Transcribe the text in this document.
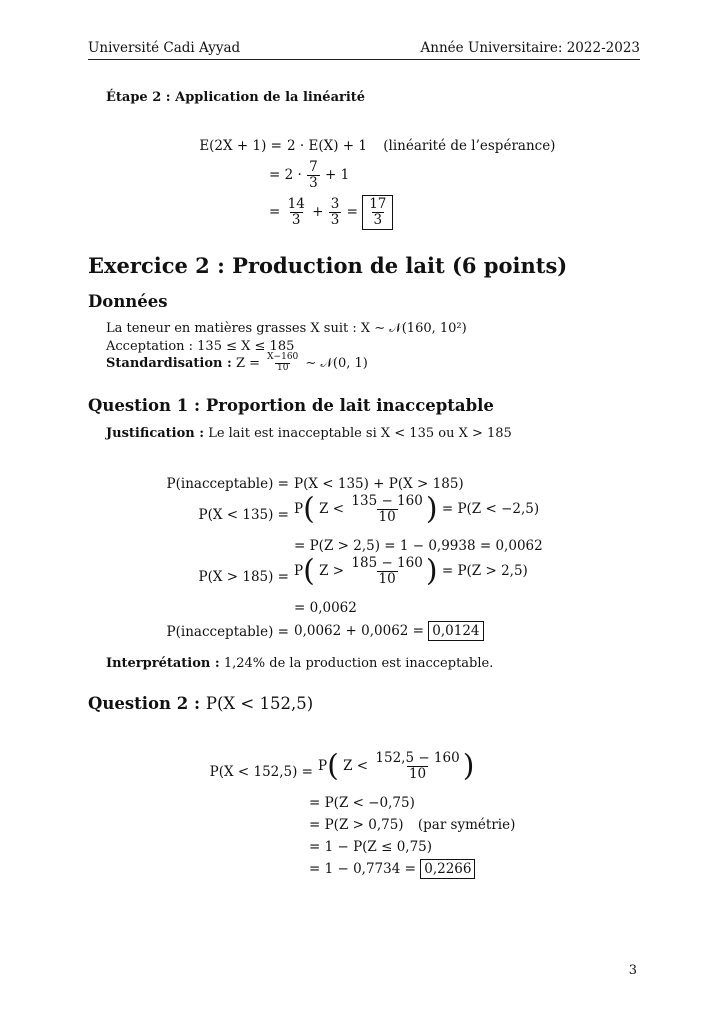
Université Cadi Ayyad	Année Universitaire: 2022-2023
Étape 2 : Application de la linéarité
E(2X + 1) = 2 · E(X) + 1 (linéarité de l’espérance)
= $2 \cdot \frac{7}{3} + 1$
= $\frac{14}{3} + \frac{3}{3} = \frac{17}{3}$
Exercice 2 : Production de lait (6 points)
Données
La teneur en matières grasses X suit : X ∼ 𝒩(160, 10²)
Acceptation : 135 ≤ X ≤ 185
Standardisation : $Z = \frac{X-160}{10}$ ∼ 𝒩(0, 1)
Question 1 : Proportion de lait inacceptable
Justification : Le lait est inacceptable si X < 135 ou X > 185
P(inacceptable) = P(X < 135) + P(X > 185)
P(X < 135) = P( $Z < \frac{135 - 160}{10}$ ) = P(Z < −2,5)
= P(Z > 2,5) = 1 − 0,9938 = 0,0062
P(X > 185) = P( $Z > \frac{185 - 160}{10}$ ) = P(Z > 2,5)
= 0,0062
P(inacceptable) = 0,0062 + 0,0062 = 0,0124
Interprétation : 1,24% de la production est inacceptable.
Question 2 : P(X < 152,5)
P(X < 152,5) = P( $Z < \frac{152,5 - 160}{10}$ )
= P(Z < −0,75)
= P(Z > 0,75) (par symétrie)
= 1 − P(Z ≤ 0,75)
= 1 − 0,7734 = 0,2266
3
